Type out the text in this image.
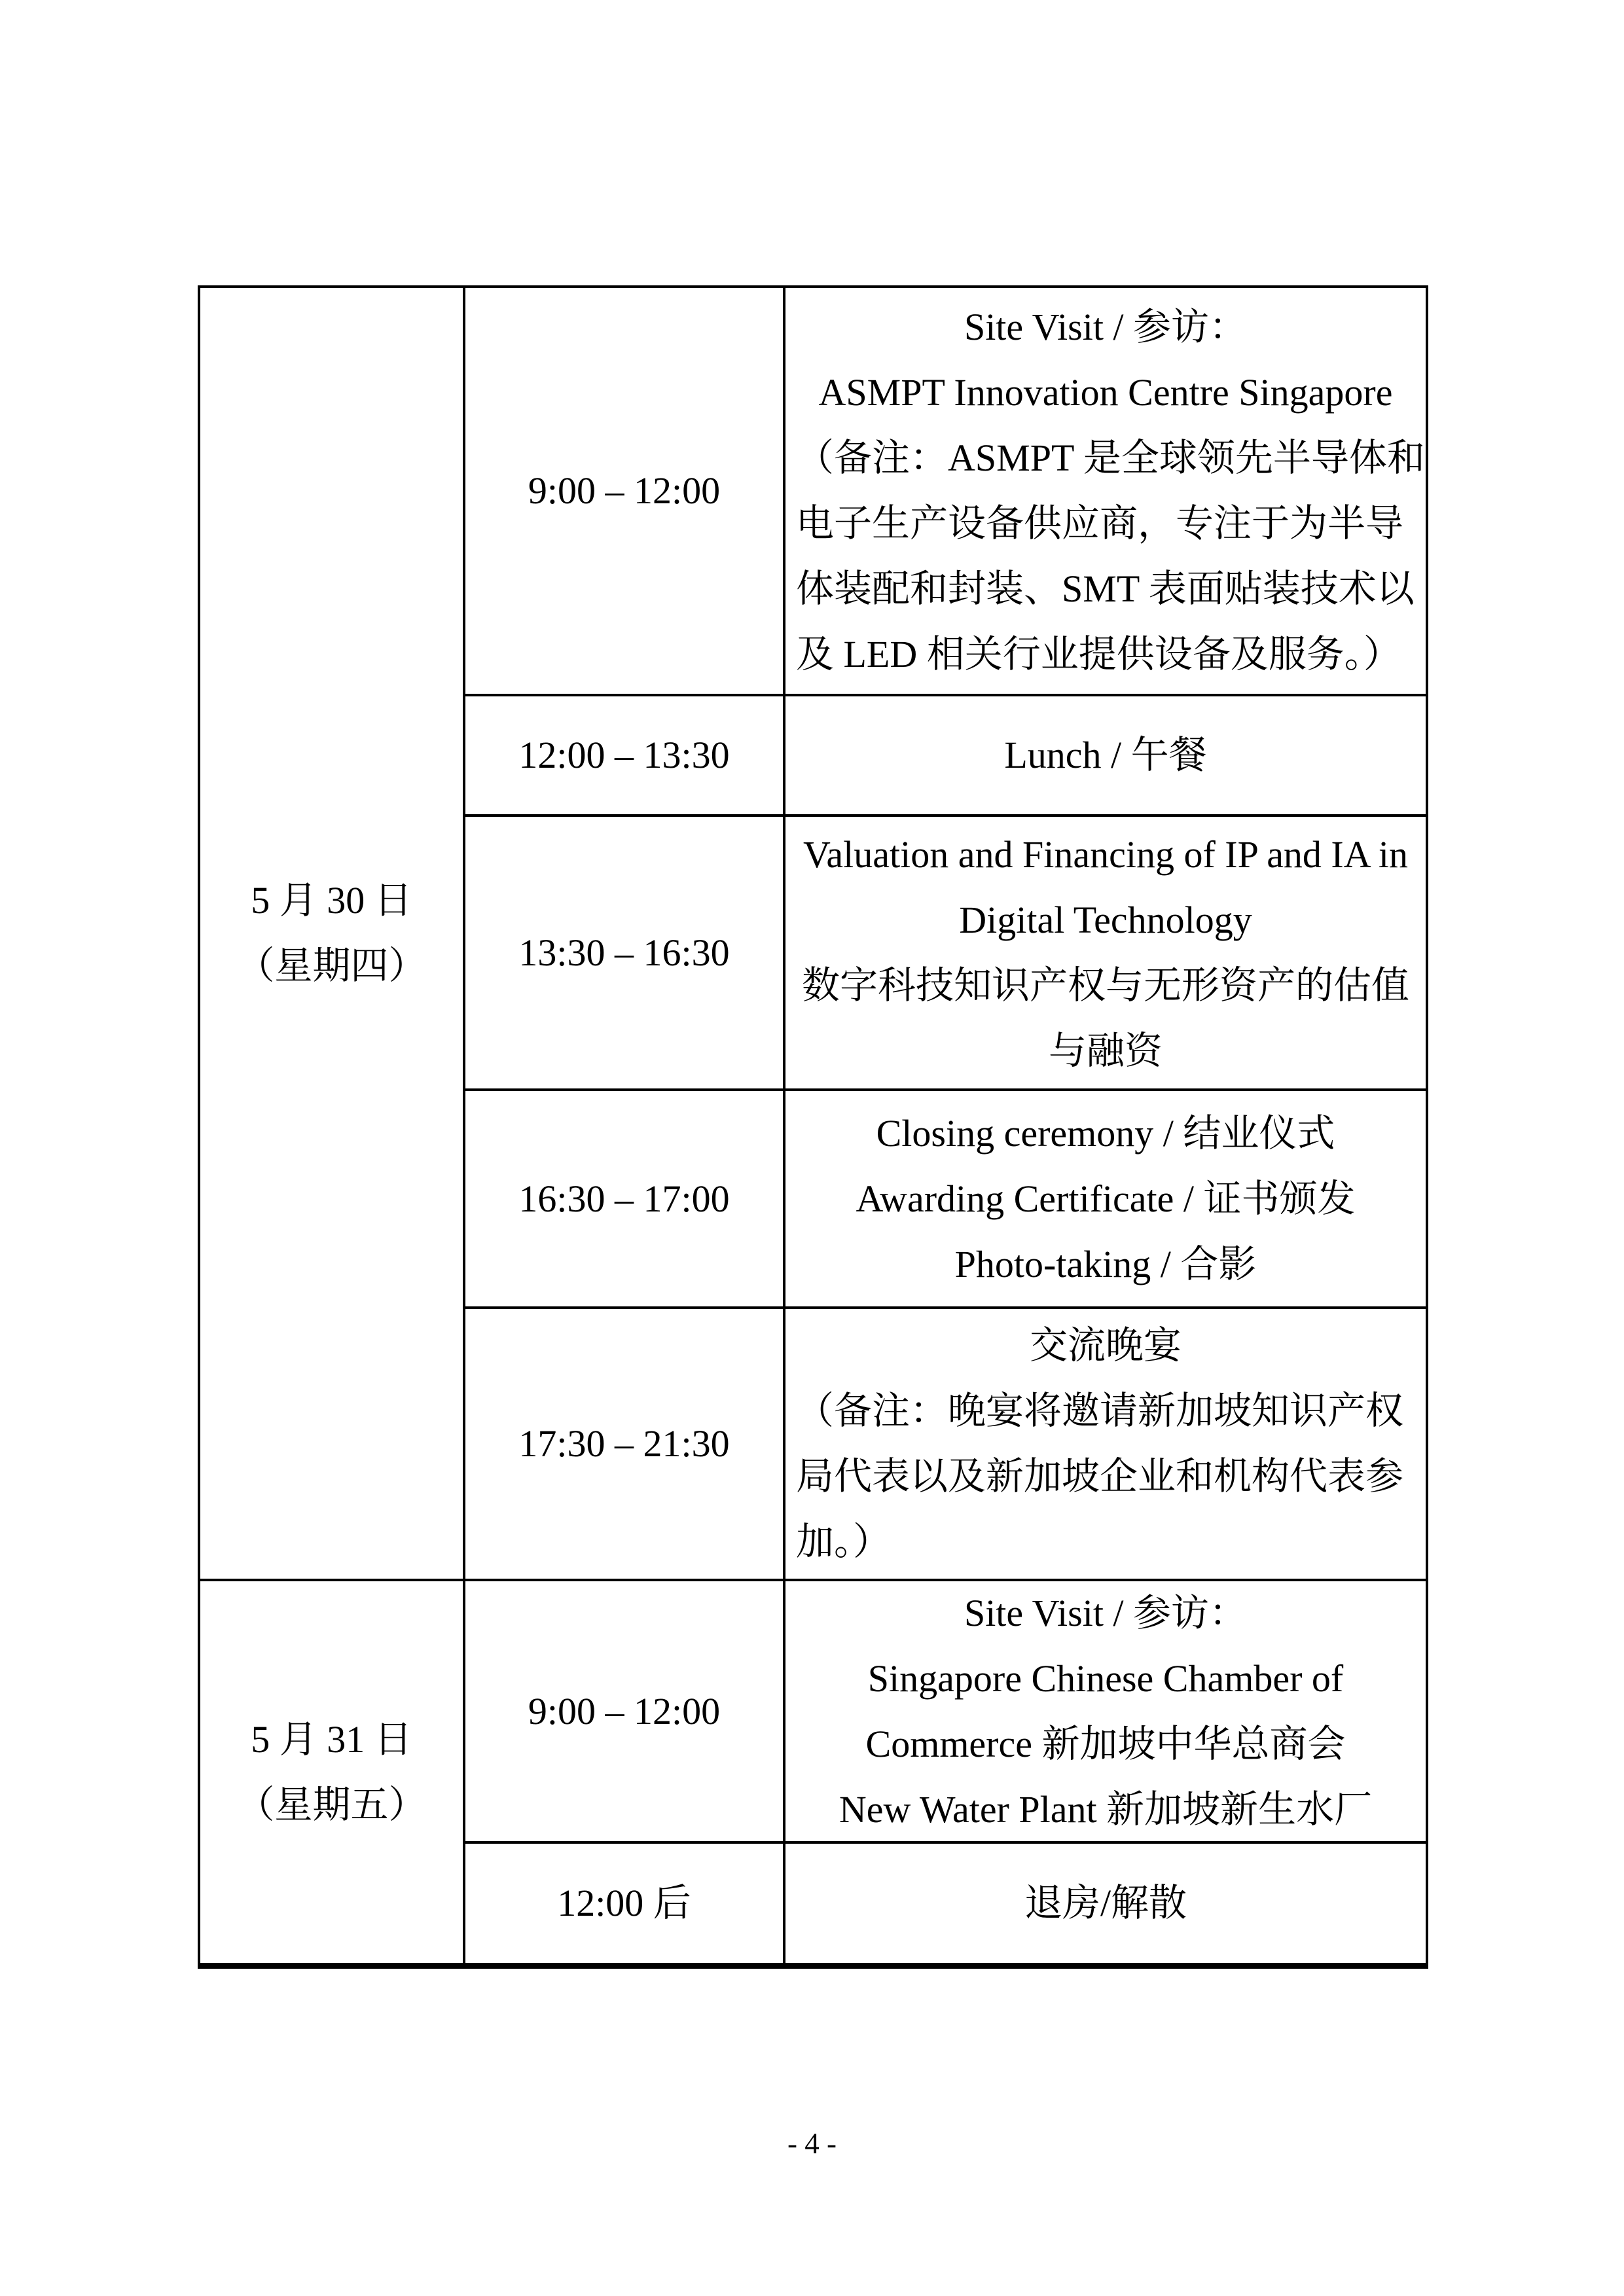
5 月 30 日
（星期四）
9:00 – 12:00
Site Visit / 参访：
ASMPT Innovation Centre Singapore
（备注：ASMPT 是全球领先半导体和
电子生产设备供应商，专注于为半导
体装配和封装、SMT 表面贴装技术以
及 LED 相关行业提供设备及服务。）
12:00 – 13:30	Lunch / 午餐
13:30 – 16:30
Valuation and Financing of IP and IA in
Digital Technology
数字科技知识产权与无形资产的估值
与融资
16:30 – 17:00
Closing ceremony / 结业仪式
Awarding Certificate / 证书颁发
Photo-taking / 合影
17:30 – 21:30
交流晚宴
（备注：晚宴将邀请新加坡知识产权
局代表以及新加坡企业和机构代表参
加。）
5 月 31 日
（星期五）
9:00 – 12:00
Site Visit / 参访：
Singapore Chinese Chamber of
Commerce 新加坡中华总商会
New Water Plant 新加坡新生水厂
12:00 后	退房/解散
- 4 -
